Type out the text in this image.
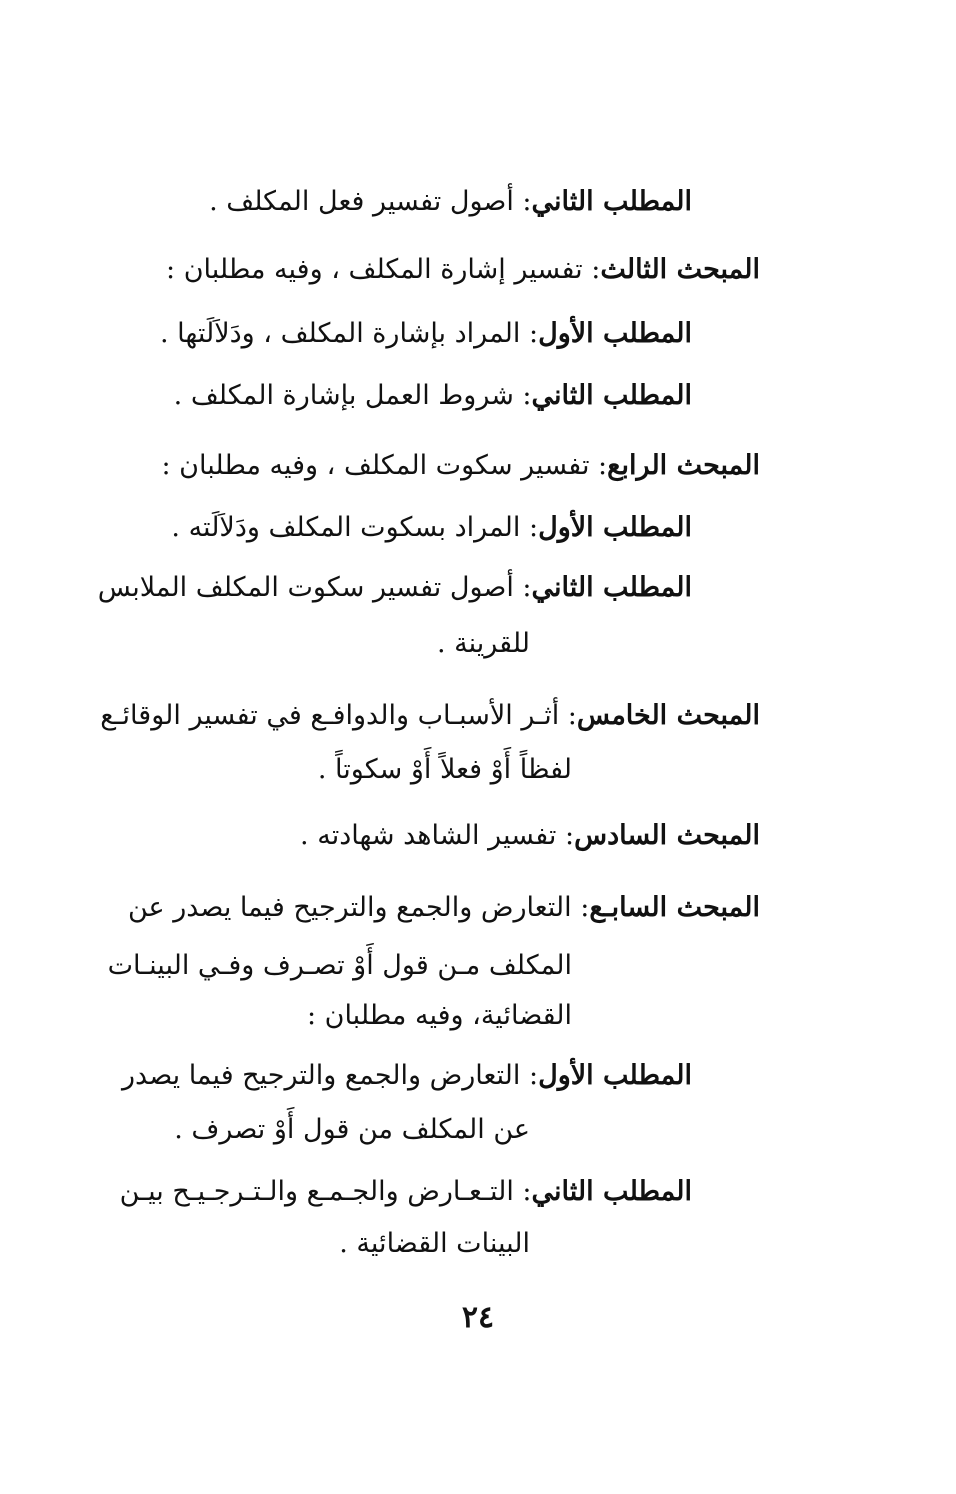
المطلب الثاني: أصول تفسير فعل المكلف .
المبحث الثالث: تفسير إشارة المكلف ، وفيه مطلبان :
المطلب الأول: المراد بإشارة المكلف ، ودَلاَلَتها .
المطلب الثاني: شروط العمل بإشارة المكلف .
المبحث الرابع: تفسير سكوت المكلف ، وفيه مطلبان :
المطلب الأول: المراد بسكوت المكلف ودَلاَلَته .
المطلب الثاني: أصول تفسير سكوت المكلف الملابس
للقرينة .
المبحث الخامس: أثـر الأسبـاب والدوافـع في تفسير الوقائـع
لفظاً أَوْ فعلاً أَوْ سكوتاً .
المبحث السادس: تفسير الشاهد شهادته .
المبحث السابـع: التعارض والجمع والترجيح فيما يصدر عن
المكلف مـن قول أَوْ تصـرف وفـي البينـات
القضائية، وفيه مطلبان :
المطلب الأول: التعارض والجمع والترجيح فيما يصدر
عن المكلف من قول أَوْ تصرف .
المطلب الثاني: التـعـارض والجـمـع والـتـرجـيـح بيـن
البينات القضائية .
٢٤
